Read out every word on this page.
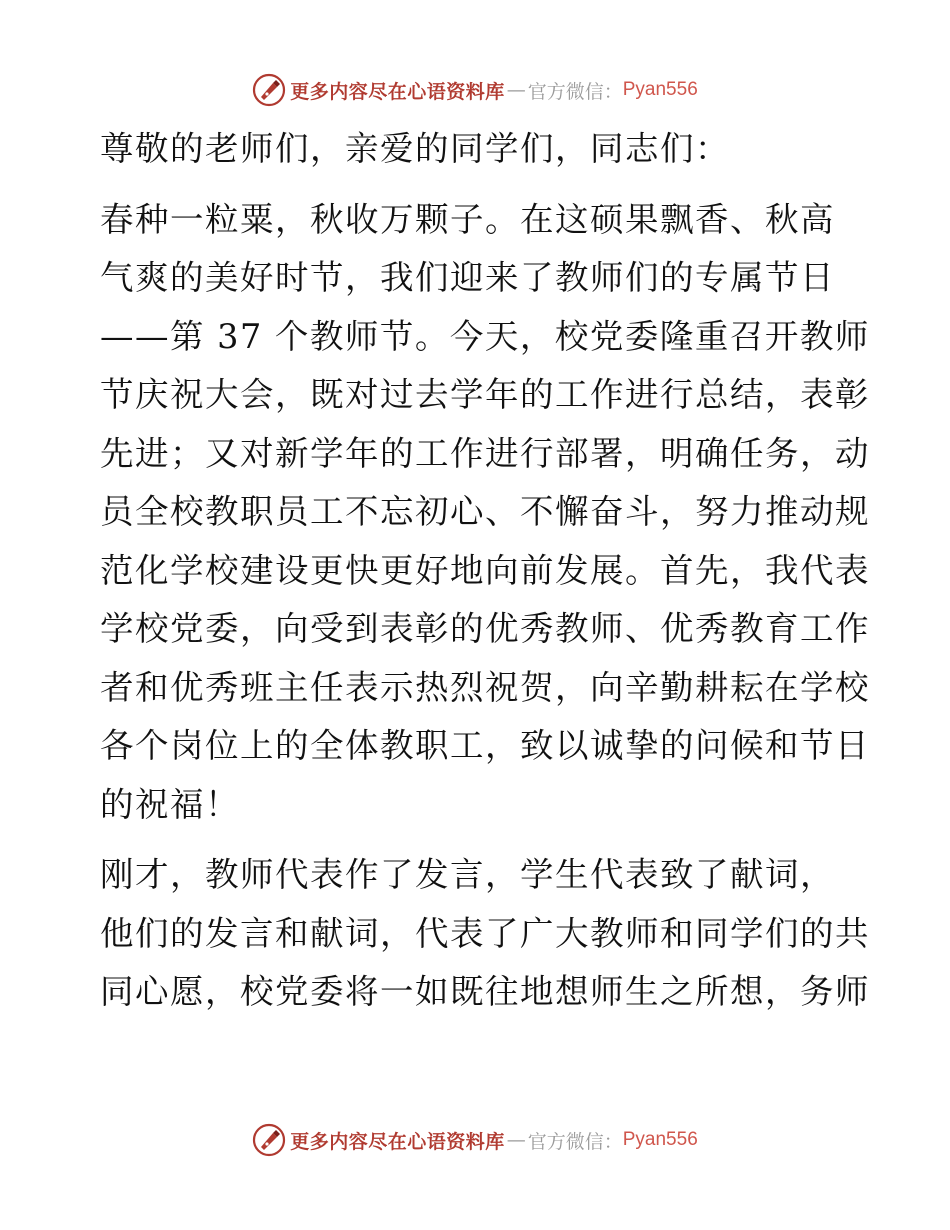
更多内容尽在心语资料库 — 官方微信： Pyan556
尊敬的老师们，亲爱的同学们，同志们：
春种一粒粟，秋收万颗子。在这硕果飘香、秋高
气爽的美好时节，我们迎来了教师们的专属节日
——第 37 个教师节。今天，校党委隆重召开教师
节庆祝大会，既对过去学年的工作进行总结，表彰
先进；又对新学年的工作进行部署，明确任务，动
员全校教职员工不忘初心、不懈奋斗，努力推动规
范化学校建设更快更好地向前发展。首先，我代表
学校党委，向受到表彰的优秀教师、优秀教育工作
者和优秀班主任表示热烈祝贺，向辛勤耕耘在学校
各个岗位上的全体教职工，致以诚挚的问候和节日
的祝福！
刚才，教师代表作了发言，学生代表致了献词，
他们的发言和献词，代表了广大教师和同学们的共
同心愿，校党委将一如既往地想师生之所想，务师
更多内容尽在心语资料库 — 官方微信： Pyan556
